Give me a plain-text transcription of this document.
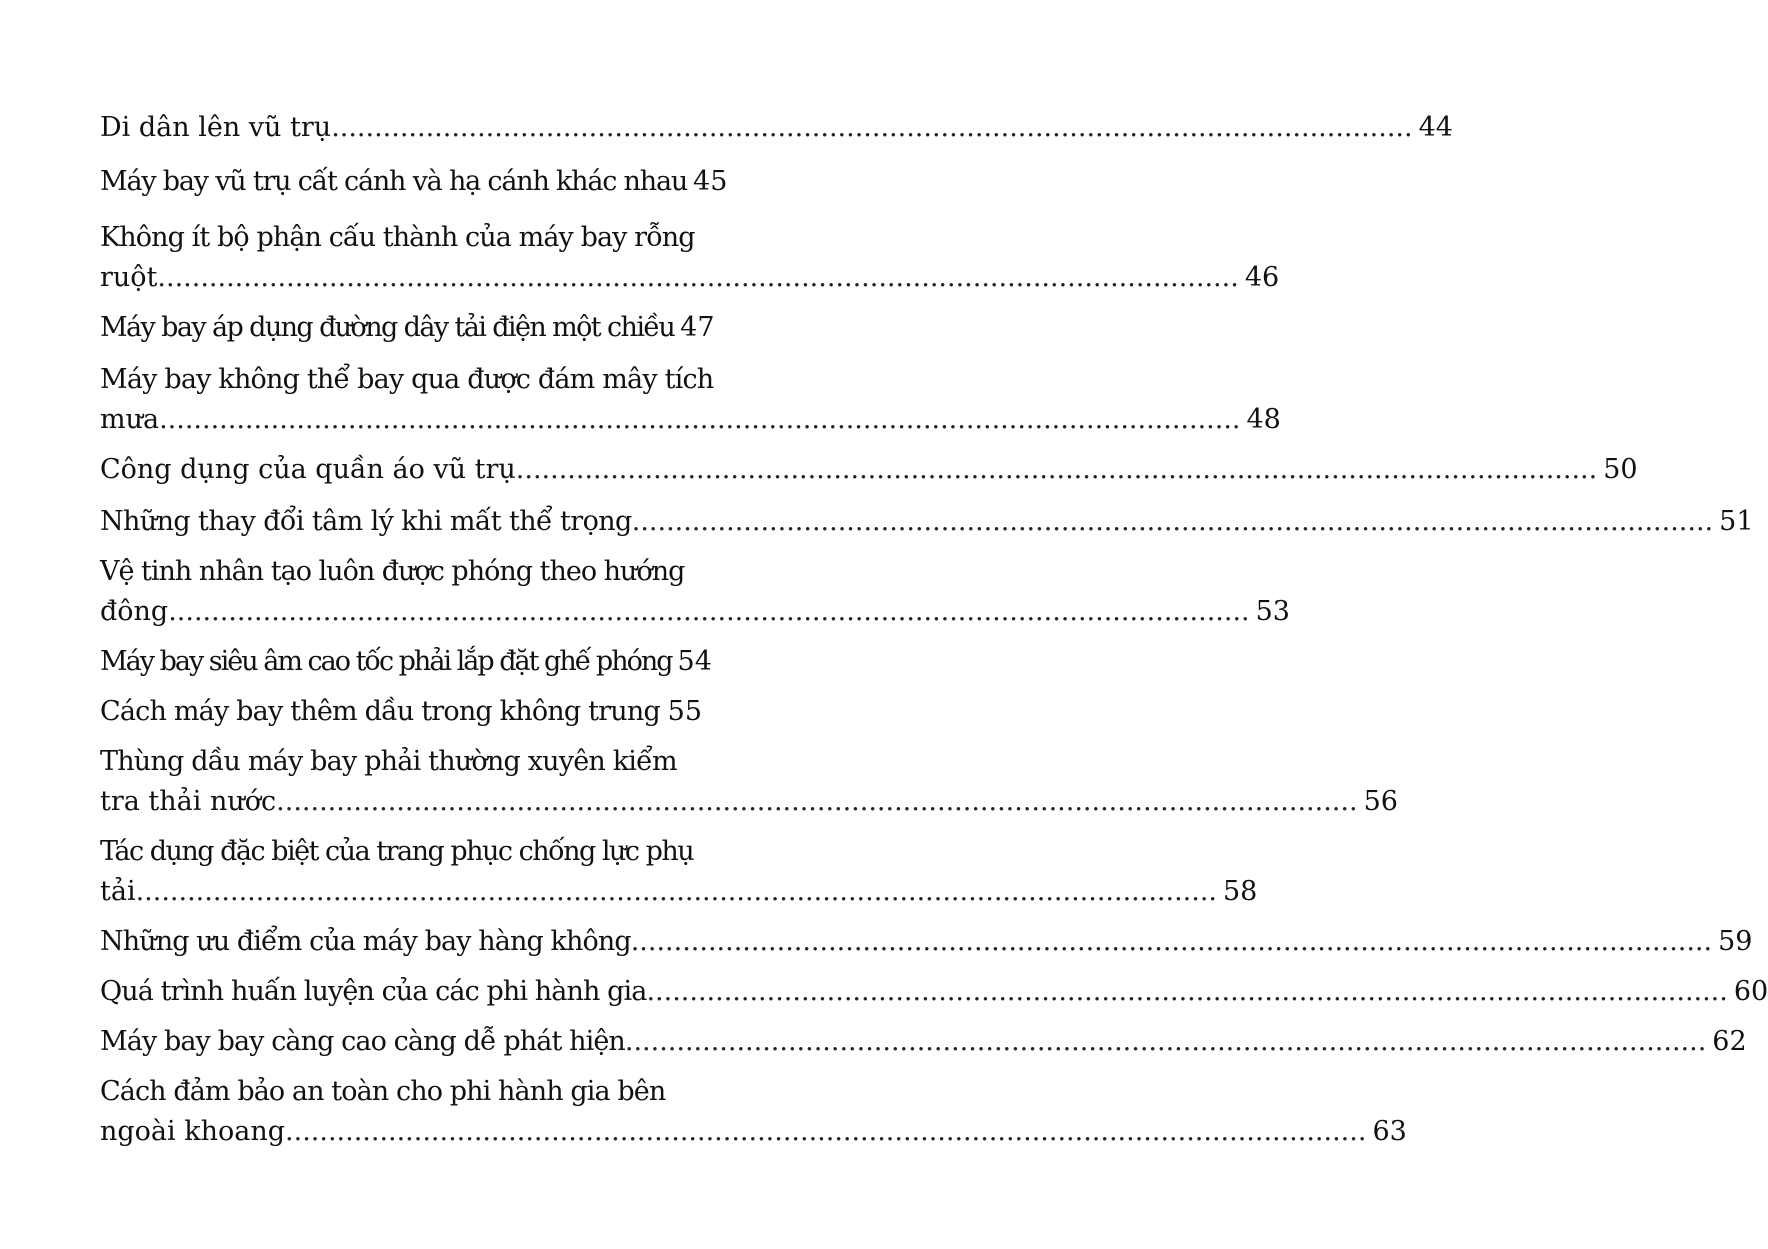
Di dân lên vũ trụ .....	44
Máy bay vũ trụ cất cánh và hạ cánh khác nhau 45
Không ít bộ phận cấu thành của máy bay rỗng
ruột .....	46
Máy bay áp dụng đường dây tải điện một chiều 47
Máy bay không thể bay qua được đám mây tích
mưa .....	48
Công dụng của quần áo vũ trụ .....	50
Những thay đổi tâm lý khi mất thể trọng .....	51
Vệ tinh nhân tạo luôn được phóng theo hướng
đông .....	53
Máy bay siêu âm cao tốc phải lắp đặt ghế phóng 54
Cách máy bay thêm dầu trong không trung ..... 55
Thùng dầu máy bay phải thường xuyên kiểm
tra thải nước .....	56
Tác dụng đặc biệt của trang phục chống lực phụ
tải .....	58
Những ưu điểm của máy bay hàng không .....	59
Quá trình huấn luyện của các phi hành gia .....	60
Máy bay bay càng cao càng dễ phát hiện .....	62
Cách đảm bảo an toàn cho phi hành gia bên
ngoài khoang .....	63
